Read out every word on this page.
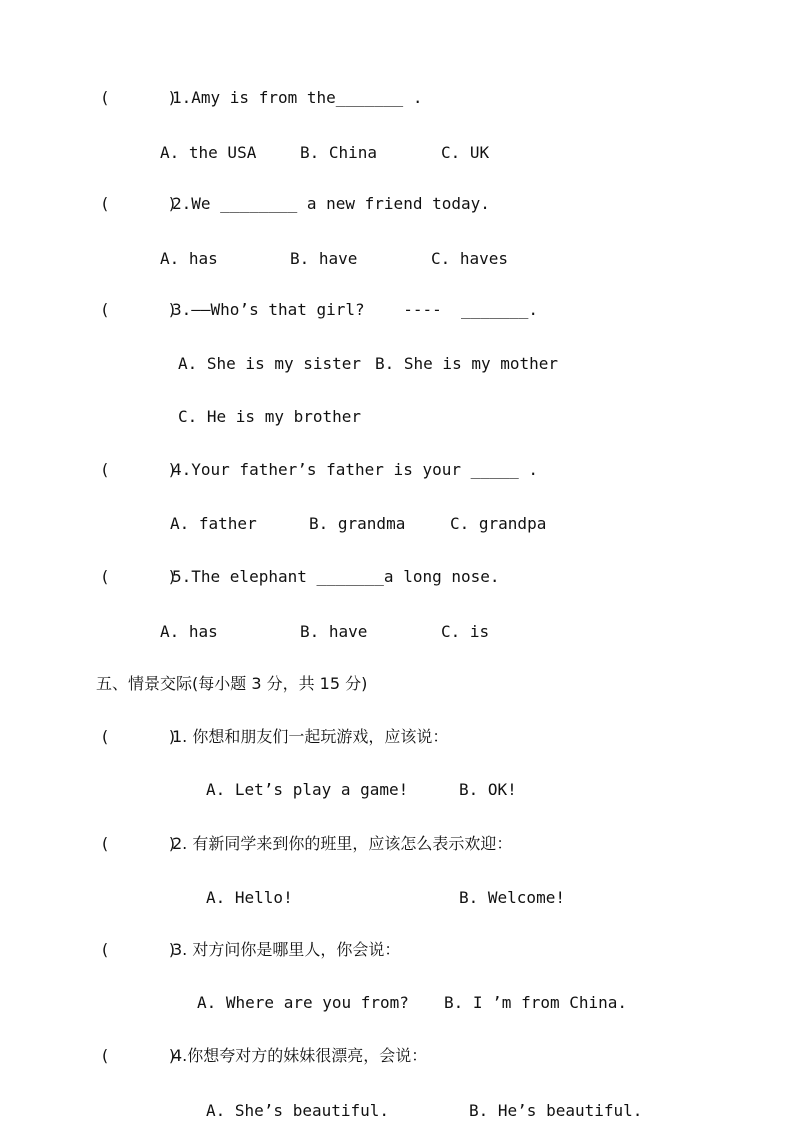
(      )
1.Amy is from the_______ .
A. the USA	B. China	C. UK
(      )
2.We ________ a new friend today.
A. has	B. have	C. haves
(      )
3.——Who’s that girl?    ----  _______.
A. She is my sister B. She is my mother
C. He is my brother
(      )
4.Your father’s father is your _____ .
A. father	B. grandma	C. grandpa
(      )
5.The elephant _______a long nose.
A. has	B. have	C. is
五、情景交际(每小题 3 分，共 15 分)
(      )
1. 你想和朋友们一起玩游戏，应该说：
A. Let’s play a game!	B. OK!
(      )
2. 有新同学来到你的班里，应该怎么表示欢迎：
A. Hello!	B. Welcome!
(      )
3. 对方问你是哪里人，你会说：
A. Where are you from? B. I ’m from China.
(      )
4.你想夸对方的妹妹很漂亮，会说：
A. She’s beautiful.	B. He’s beautiful.
